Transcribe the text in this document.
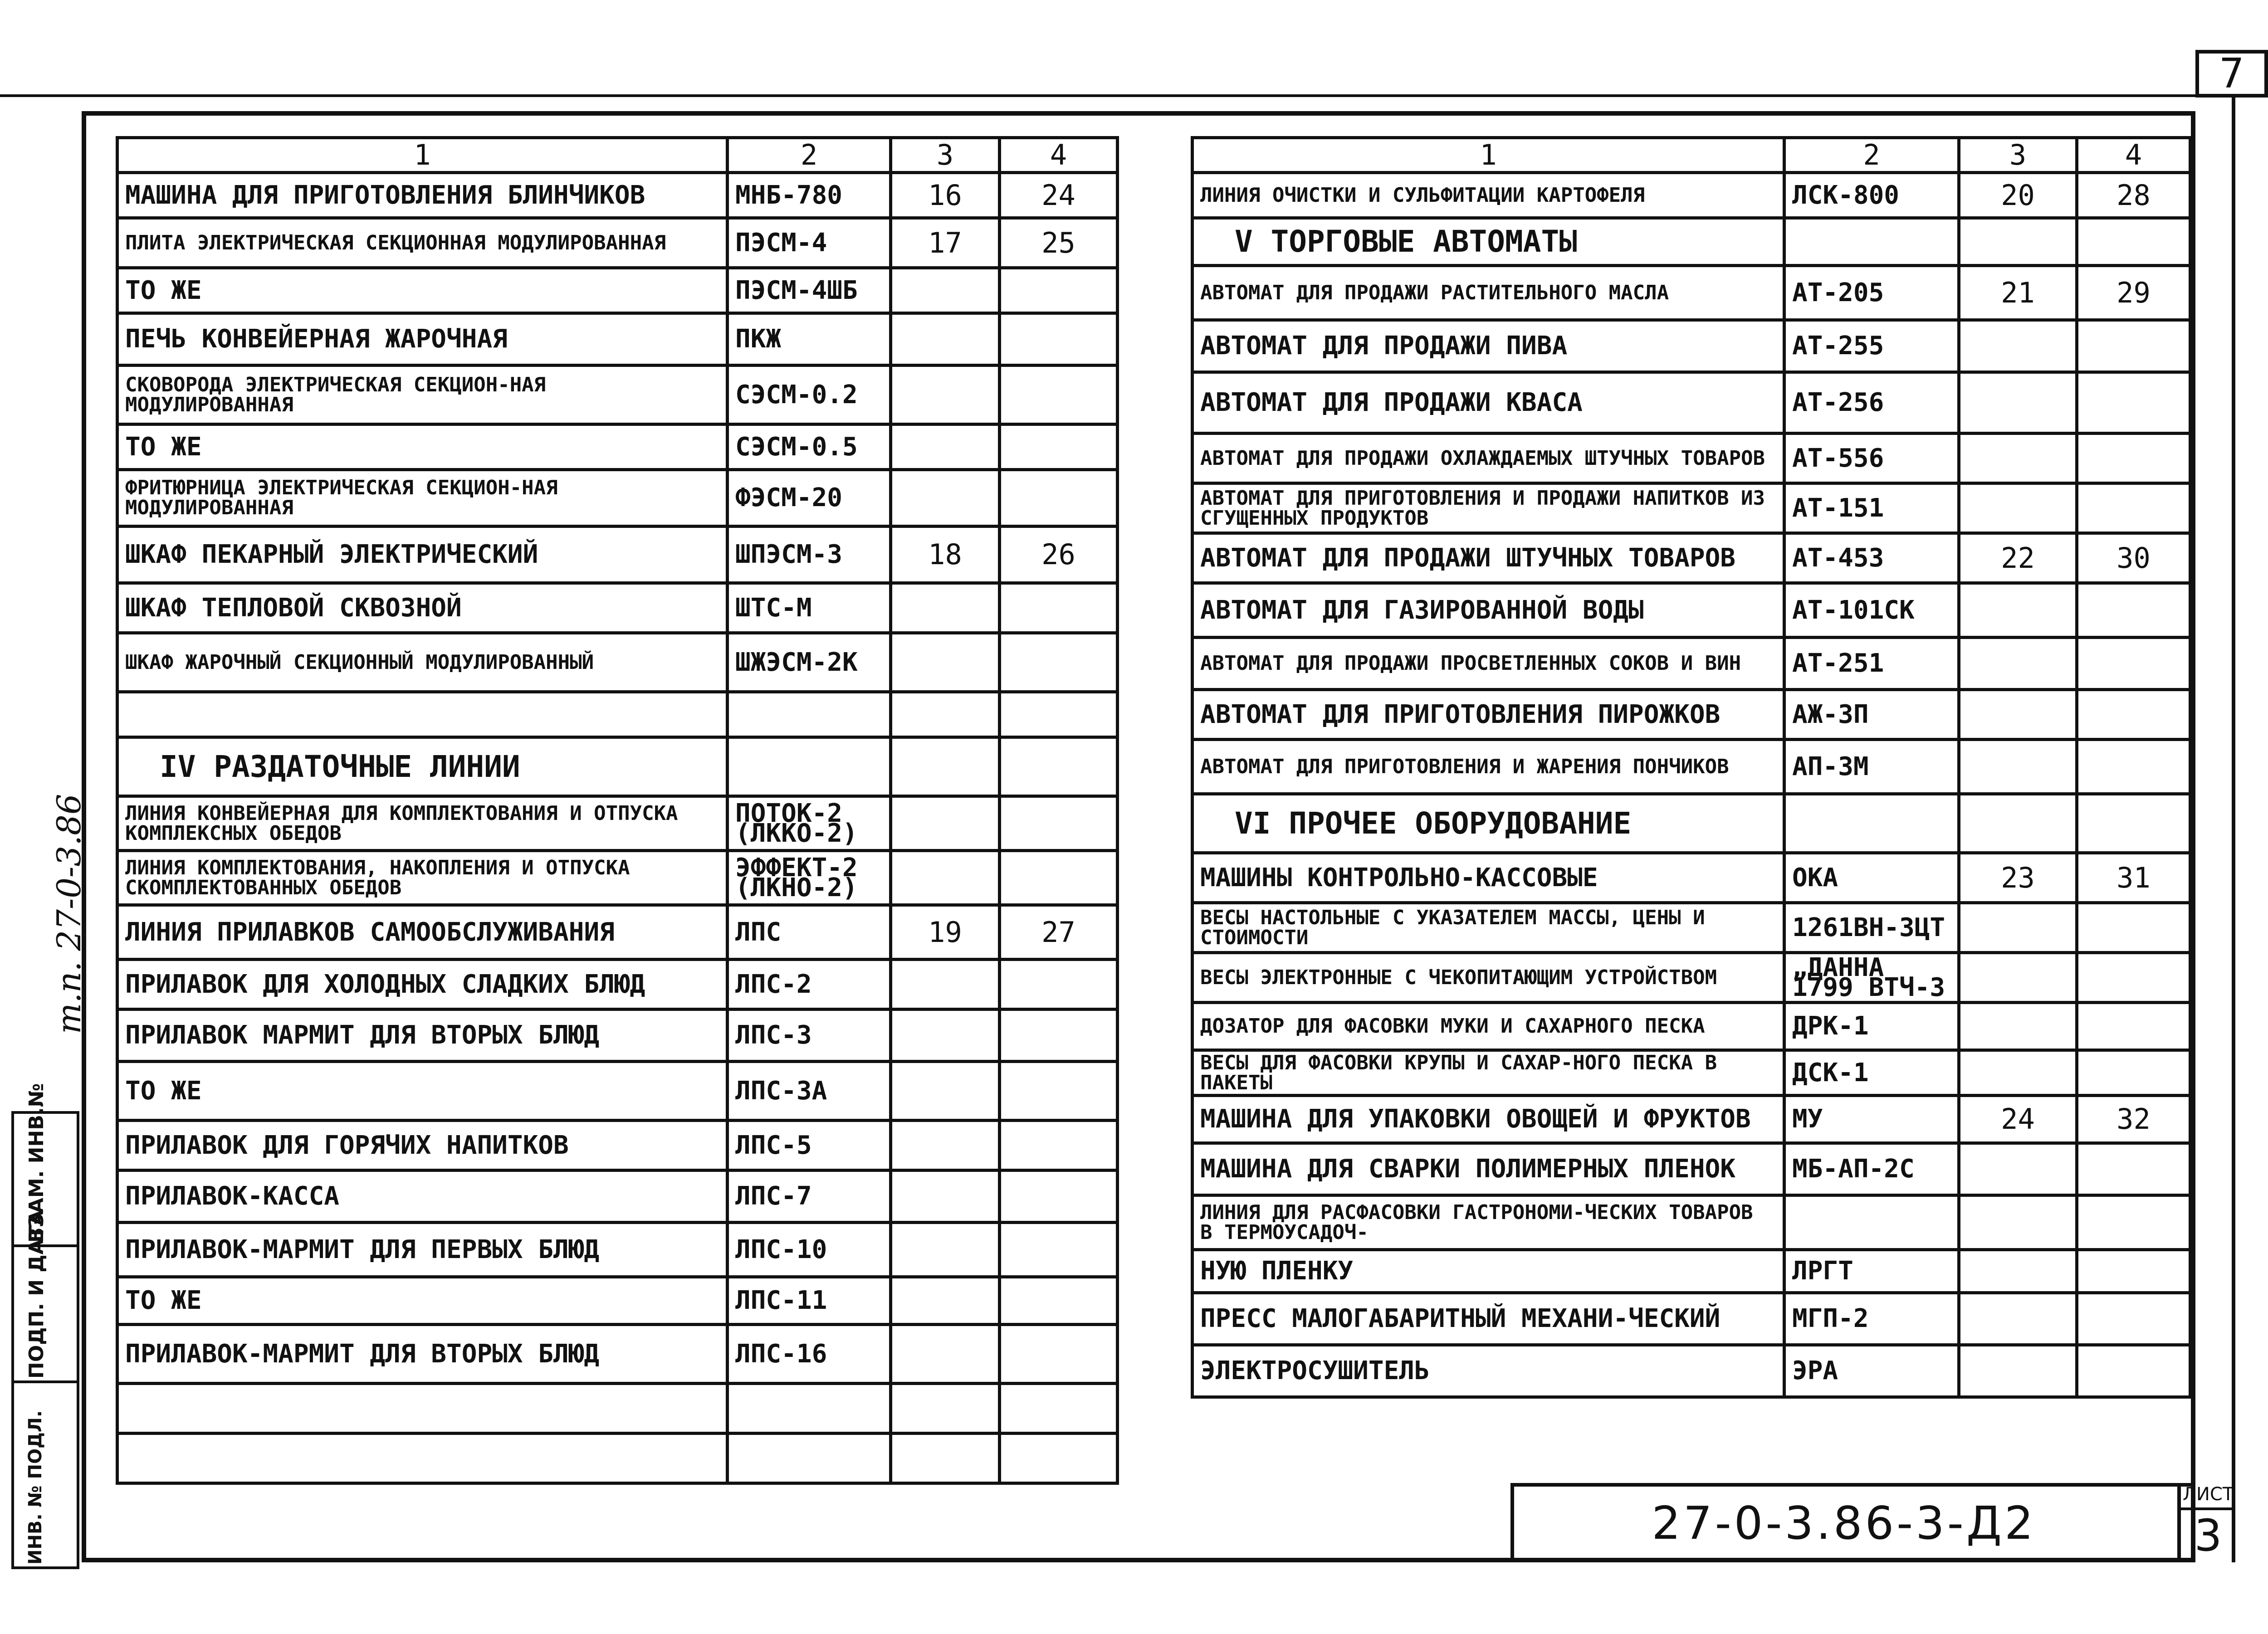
7
1	2	3	4
МАШИНА ДЛЯ ПРИГОТОВЛЕНИЯ БЛИНЧИКОВ	МНБ-780	16	24
ПЛИТА ЭЛЕКТРИЧЕСКАЯ СЕКЦИОННАЯ МОДУЛИРОВАННАЯ	ПЭСМ-4	17	25
ТО ЖЕ	ПЭСМ-4ШБ		
ПЕЧЬ КОНВЕЙЕРНАЯ ЖАРОЧНАЯ	ПКЖ		
СКОВОРОДА ЭЛЕКТРИЧЕСКАЯ СЕКЦИОН-НАЯ МОДУЛИРОВАННАЯ	СЭСМ-0.2		
ТО ЖЕ	СЭСМ-0.5		
ФРИТЮРНИЦА ЭЛЕКТРИЧЕСКАЯ СЕКЦИОН-НАЯ МОДУЛИРОВАННАЯ	ФЭСМ-20		
ШКАФ ПЕКАРНЫЙ ЭЛЕКТРИЧЕСКИЙ	ШПЭСМ-3	18	26
ШКАФ ТЕПЛОВОЙ СКВОЗНОЙ	ШТС-М		
ШКАФ ЖАРОЧНЫЙ СЕКЦИОННЫЙ МОДУЛИРОВАННЫЙ	ШЖЭСМ-2К		

IV РАЗДАТОЧНЫЕ ЛИНИИ			
ЛИНИЯ КОНВЕЙЕРНАЯ ДЛЯ КОМПЛЕКТОВАНИЯ И ОТПУСКА КОМПЛЕКСНЫХ ОБЕДОВ	ПОТОК-2 (ЛККО-2)		
ЛИНИЯ КОМПЛЕКТОВАНИЯ, НАКОПЛЕНИЯ И ОТПУСКА СКОМПЛЕКТОВАННЫХ ОБЕДОВ	ЭФФЕКТ-2 (ЛКНО-2)		
ЛИНИЯ ПРИЛАВКОВ САМООБСЛУЖИВАНИЯ	ЛПС	19	27
ПРИЛАВОК ДЛЯ ХОЛОДНЫХ СЛАДКИХ БЛЮД	ЛПС-2		
ПРИЛАВОК МАРМИТ ДЛЯ ВТОРЫХ БЛЮД	ЛПС-3		
ТО ЖЕ	ЛПС-3А		
ПРИЛАВОК ДЛЯ ГОРЯЧИХ НАПИТКОВ	ЛПС-5		
ПРИЛАВОК-КАССА	ЛПС-7		
ПРИЛАВОК-МАРМИТ ДЛЯ ПЕРВЫХ БЛЮД	ЛПС-10		
ТО ЖЕ	ЛПС-11		
ПРИЛАВОК-МАРМИТ ДЛЯ ВТОРЫХ БЛЮД	ЛПС-16		

1	2	3	4
ЛИНИЯ ОЧИСТКИ И СУЛЬФИТАЦИИ КАРТОФЕЛЯ	ЛСК-800	20	28
V ТОРГОВЫЕ АВТОМАТЫ			
АВТОМАТ ДЛЯ ПРОДАЖИ РАСТИТЕЛЬНОГО МАСЛА	АТ-205	21	29
АВТОМАТ ДЛЯ ПРОДАЖИ ПИВА	АТ-255		
АВТОМАТ ДЛЯ ПРОДАЖИ КВАСА	АТ-256		
АВТОМАТ ДЛЯ ПРОДАЖИ ОХЛАЖДАЕМЫХ ШТУЧНЫХ ТОВАРОВ	АТ-556		
АВТОМАТ ДЛЯ ПРИГОТОВЛЕНИЯ И ПРОДАЖИ НАПИТКОВ ИЗ СГУЩЕННЫХ ПРОДУКТОВ	АТ-151		
АВТОМАТ ДЛЯ ПРОДАЖИ ШТУЧНЫХ ТОВАРОВ	АТ-453	22	30
АВТОМАТ ДЛЯ ГАЗИРОВАННОЙ ВОДЫ	АТ-101СК		
АВТОМАТ ДЛЯ ПРОДАЖИ ПРОСВЕТЛЕННЫХ СОКОВ И ВИН	АТ-251		
АВТОМАТ ДЛЯ ПРИГОТОВЛЕНИЯ ПИРОЖКОВ	АЖ-3П		
АВТОМАТ ДЛЯ ПРИГОТОВЛЕНИЯ И ЖАРЕНИЯ ПОНЧИКОВ	АП-3М		
VI ПРОЧЕЕ ОБОРУДОВАНИЕ			
МАШИНЫ КОНТРОЛЬНО-КАССОВЫЕ	ОКА	23	31
ВЕСЫ НАСТОЛЬНЫЕ С УКАЗАТЕЛЕМ МАССЫ, ЦЕНЫ И СТОИМОСТИ	1261ВН-3ЦТ		
ВЕСЫ ЭЛЕКТРОННЫЕ С ЧЕКОПИТАЮЩИМ УСТРОЙСТВОМ	„ДАННА 1799 ВТЧ-3		
ДОЗАТОР ДЛЯ ФАСОВКИ МУКИ И САХАРНОГО ПЕСКА	ДРК-1		
ВЕСЫ ДЛЯ ФАСОВКИ КРУПЫ И САХАР-НОГО ПЕСКА В ПАКЕТЫ	ДСК-1		
МАШИНА ДЛЯ УПАКОВКИ ОВОЩЕЙ И ФРУКТОВ	МУ	24	32
МАШИНА ДЛЯ СВАРКИ ПОЛИМЕРНЫХ ПЛЕНОК	МБ-АП-2С		
ЛИНИЯ ДЛЯ РАСФАСОВКИ ГАСТРОНОМИ-ЧЕСКИХ ТОВАРОВ В ТЕРМОУСАДОЧ-			
НУЮ ПЛЕНКУ	ЛРГТ		
ПРЕСС МАЛОГАБАРИТНЫЙ МЕХАНИ-ЧЕСКИЙ	МГП-2		
ЭЛЕКТРОСУШИТЕЛЬ	ЭРА		
27-0-3.86-3-Д2
ЛИСТ
3
ВЗАМ. ИНВ.№
ПОДП. И ДАТА
ИНВ. № ПОДЛ.
т.п. 27-0-3.86
